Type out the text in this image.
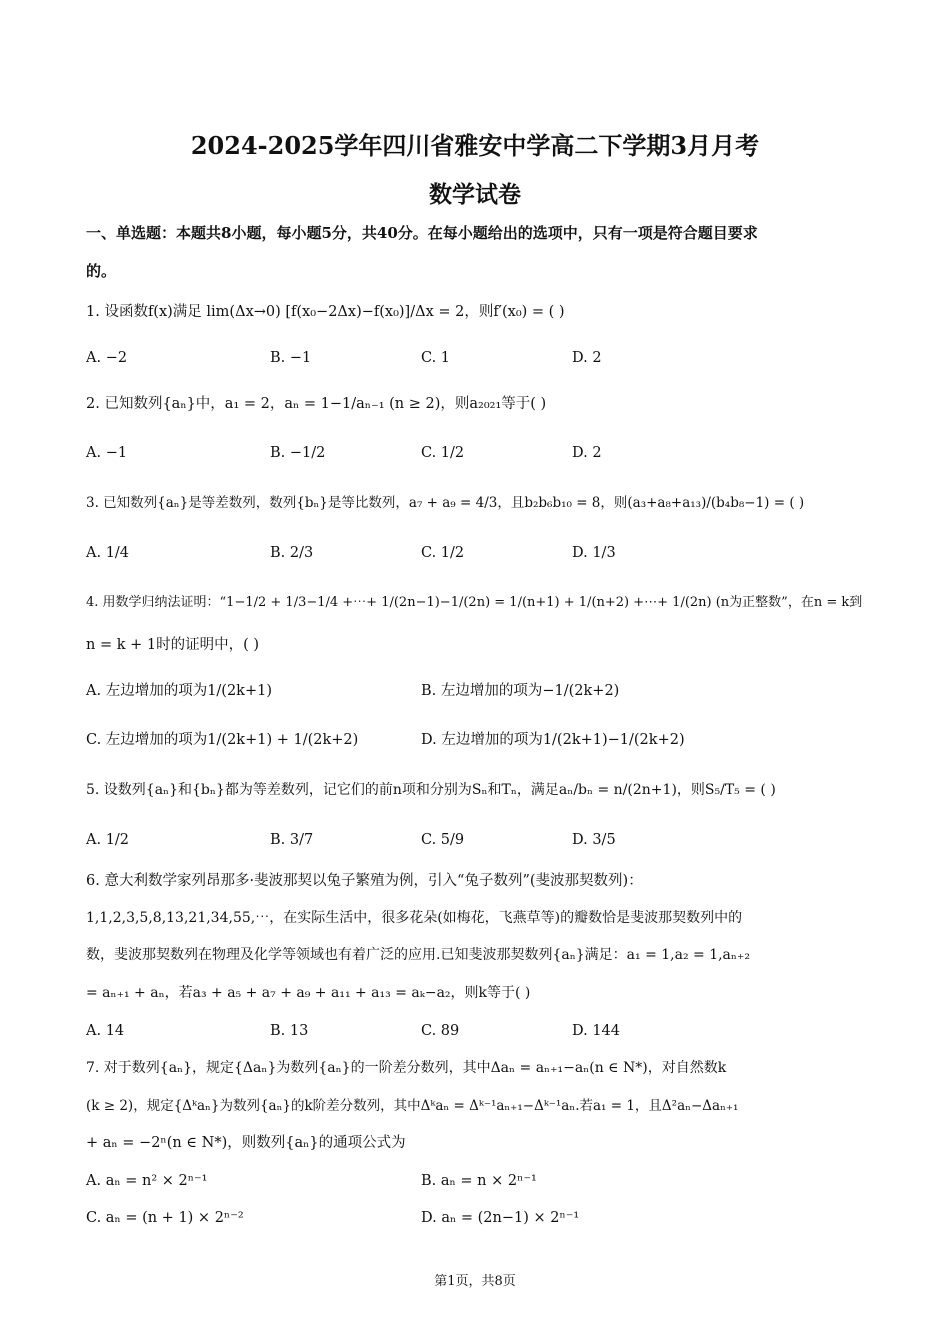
2024-2025学年四川省雅安中学高二下学期3月月考
数学试卷
一、单选题：本题共8小题，每小题5分，共40分。在每小题给出的选项中，只有一项是符合题目要求
的。
1. 设函数f(x)满足 lim(Δx→0) [f(x₀−2Δx)−f(x₀)]/Δx = 2，则f′(x₀) = ( )
A. −2	B. −1	C. 1	D. 2
2. 已知数列{aₙ}中，a₁ = 2，aₙ = 1−1/aₙ₋₁ (n ≥ 2)，则a₂₀₂₁等于( )
A. −1	B. −1/2	C. 1/2	D. 2
3. 已知数列{aₙ}是等差数列，数列{bₙ}是等比数列，a₇ + a₉ = 4/3，且b₂b₆b₁₀ = 8，则(a₃+a₈+a₁₃)/(b₄b₈−1) = ( )
A. 1/4	B. 2/3	C. 1/2	D. 1/3
4. 用数学归纳法证明：“1−1/2 + 1/3−1/4 +⋯+ 1/(2n−1)−1/(2n) = 1/(n+1) + 1/(n+2) +⋯+ 1/(2n) (n为正整数”，在n = k到
n = k + 1时的证明中，( )
A. 左边增加的项为1/(2k+1)	B. 左边增加的项为−1/(2k+2)
C. 左边增加的项为1/(2k+1) + 1/(2k+2)	D. 左边增加的项为1/(2k+1)−1/(2k+2)
5. 设数列{aₙ}和{bₙ}都为等差数列，记它们的前n项和分别为Sₙ和Tₙ，满足aₙ/bₙ = n/(2n+1)，则S₅/T₅ = ( )
A. 1/2	B. 3/7	C. 5/9	D. 3/5
6. 意大利数学家列昂那多·斐波那契以兔子繁殖为例，引入“兔子数列”(斐波那契数列)：
1,1,2,3,5,8,13,21,34,55,⋯，在实际生活中，很多花朵(如梅花，飞燕草等)的瓣数恰是斐波那契数列中的
数，斐波那契数列在物理及化学等领域也有着广泛的应用.已知斐波那契数列{aₙ}满足：a₁ = 1,a₂ = 1,aₙ₊₂
= aₙ₊₁ + aₙ，若a₃ + a₅ + a₇ + a₉ + a₁₁ + a₁₃ = aₖ−a₂，则k等于( )
A. 14	B. 13	C. 89	D. 144
7. 对于数列{aₙ}，规定{Δaₙ}为数列{aₙ}的一阶差分数列，其中Δaₙ = aₙ₊₁−aₙ(n ∈ N*)，对自然数k
(k ≥ 2)，规定{Δᵏaₙ}为数列{aₙ}的k阶差分数列，其中Δᵏaₙ = Δᵏ⁻¹aₙ₊₁−Δᵏ⁻¹aₙ.若a₁ = 1，且Δ²aₙ−Δaₙ₊₁
+ aₙ = −2ⁿ(n ∈ N*)，则数列{aₙ}的通项公式为
A. aₙ = n² × 2ⁿ⁻¹	B. aₙ = n × 2ⁿ⁻¹
C. aₙ = (n + 1) × 2ⁿ⁻²	D. aₙ = (2n−1) × 2ⁿ⁻¹
第1页，共8页
